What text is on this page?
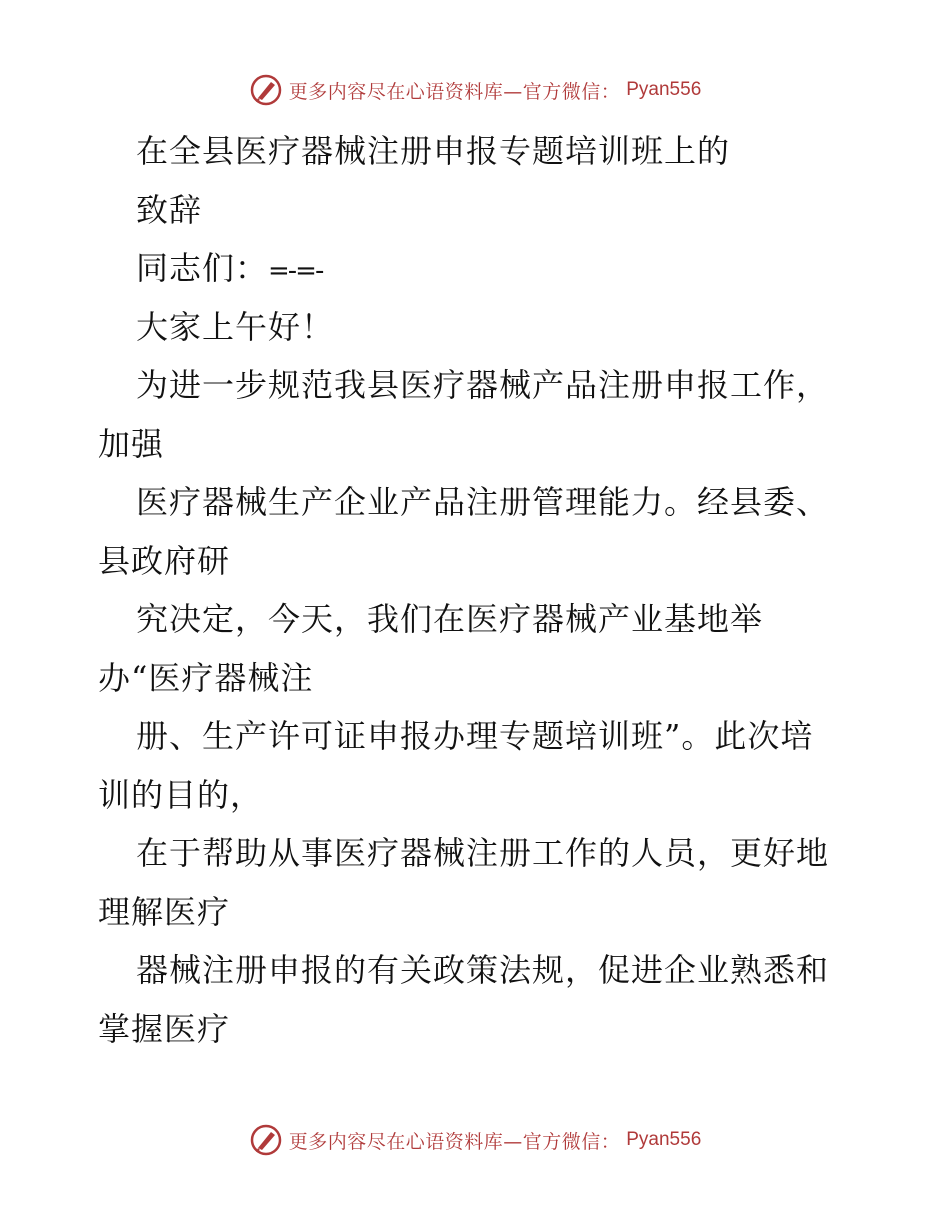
更多内容尽在心语资料库—官方微信： Pyan556
在全县医疗器械注册申报专题培训班上的
致辞
同志们：=-=-
大家上午好！
为进一步规范我县医疗器械产品注册申报工作，
加强
医疗器械生产企业产品注册管理能力。经县委、
县政府研
究决定，今天，我们在医疗器械产业基地举
办“医疗器械注
册、生产许可证申报办理专题培训班”。此次培
训的目的，
在于帮助从事医疗器械注册工作的人员，更好地
理解医疗
器械注册申报的有关政策法规，促进企业熟悉和
掌握医疗
更多内容尽在心语资料库—官方微信： Pyan556
